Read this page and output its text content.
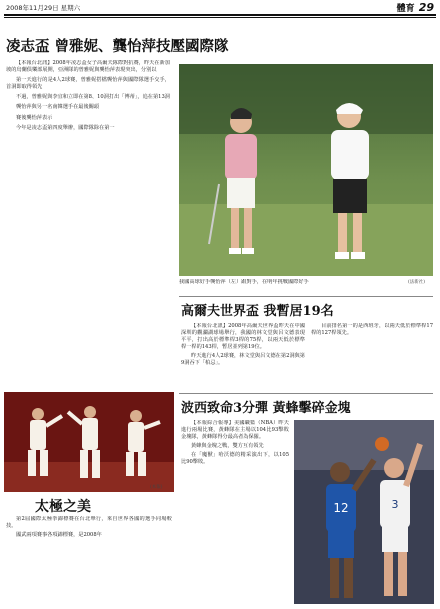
2008年11月29日 星期六	體育 29
凌志盃 曾雅妮、龔怡萍技壓國際隊

【本報台北訊】2008年凌志盃女子高爾夫隊際對抗賽，昨天在新加坡的烏蘭俱樂部展開，亞洲隊的曾雅妮與龔怡萍表現突出，分別以

第一天進行的是4人2球賽，曾雅妮搭檔龔怡萍與國際隊選手交手，首洞即取得領先

不過，曾雅妮與李宜和立即在第8、10洞打出「博蒂」，追在第13洞

龔怡萍與另一名南韓選手在最後關頭

賽後龔怡萍表示

今年是凌志盃第四度舉辦，國際隊除在第一

我國高球好手龔怡萍（左）跟對手，在明年挑戰國際好手	(法新社)
高爾夫世界盃 我暫居19名

【本報台北訊】2008年高爾夫世界盃昨天在中國深圳的觀瀾湖球場舉行，我國的林文堂與呂文德表現平平，打出高於標準桿3桿的75桿，以兩天低於標準桿一桿的143桿，暫居並列第19位。

昨天進行4人2球賽，林文堂與呂文德在第2洞與第9洞吞下「柏忌」。

目前排名第一的是西班牙，以兩天低於標準桿17桿的127桿領先。

波西致命3分彈 黃蜂擊碎金塊

【本報綜合報導】美國職籃（NBA）昨天進行兩場比賽，黃蜂隊在主場以104比93擊敗金塊隊，黃蜂隊得分最高者為保羅。

黃蜂與金塊之戰，雙方互有領先

在「魔獸」哈沃德的精采演出下，以105比90擊敗。

12	3
(本報)
太極之美

第2屆國際太極拳錦標賽在台北舉行，來自世界各國的選手同場較技。

國武兩項賽事各項錦標賽，是2008年
